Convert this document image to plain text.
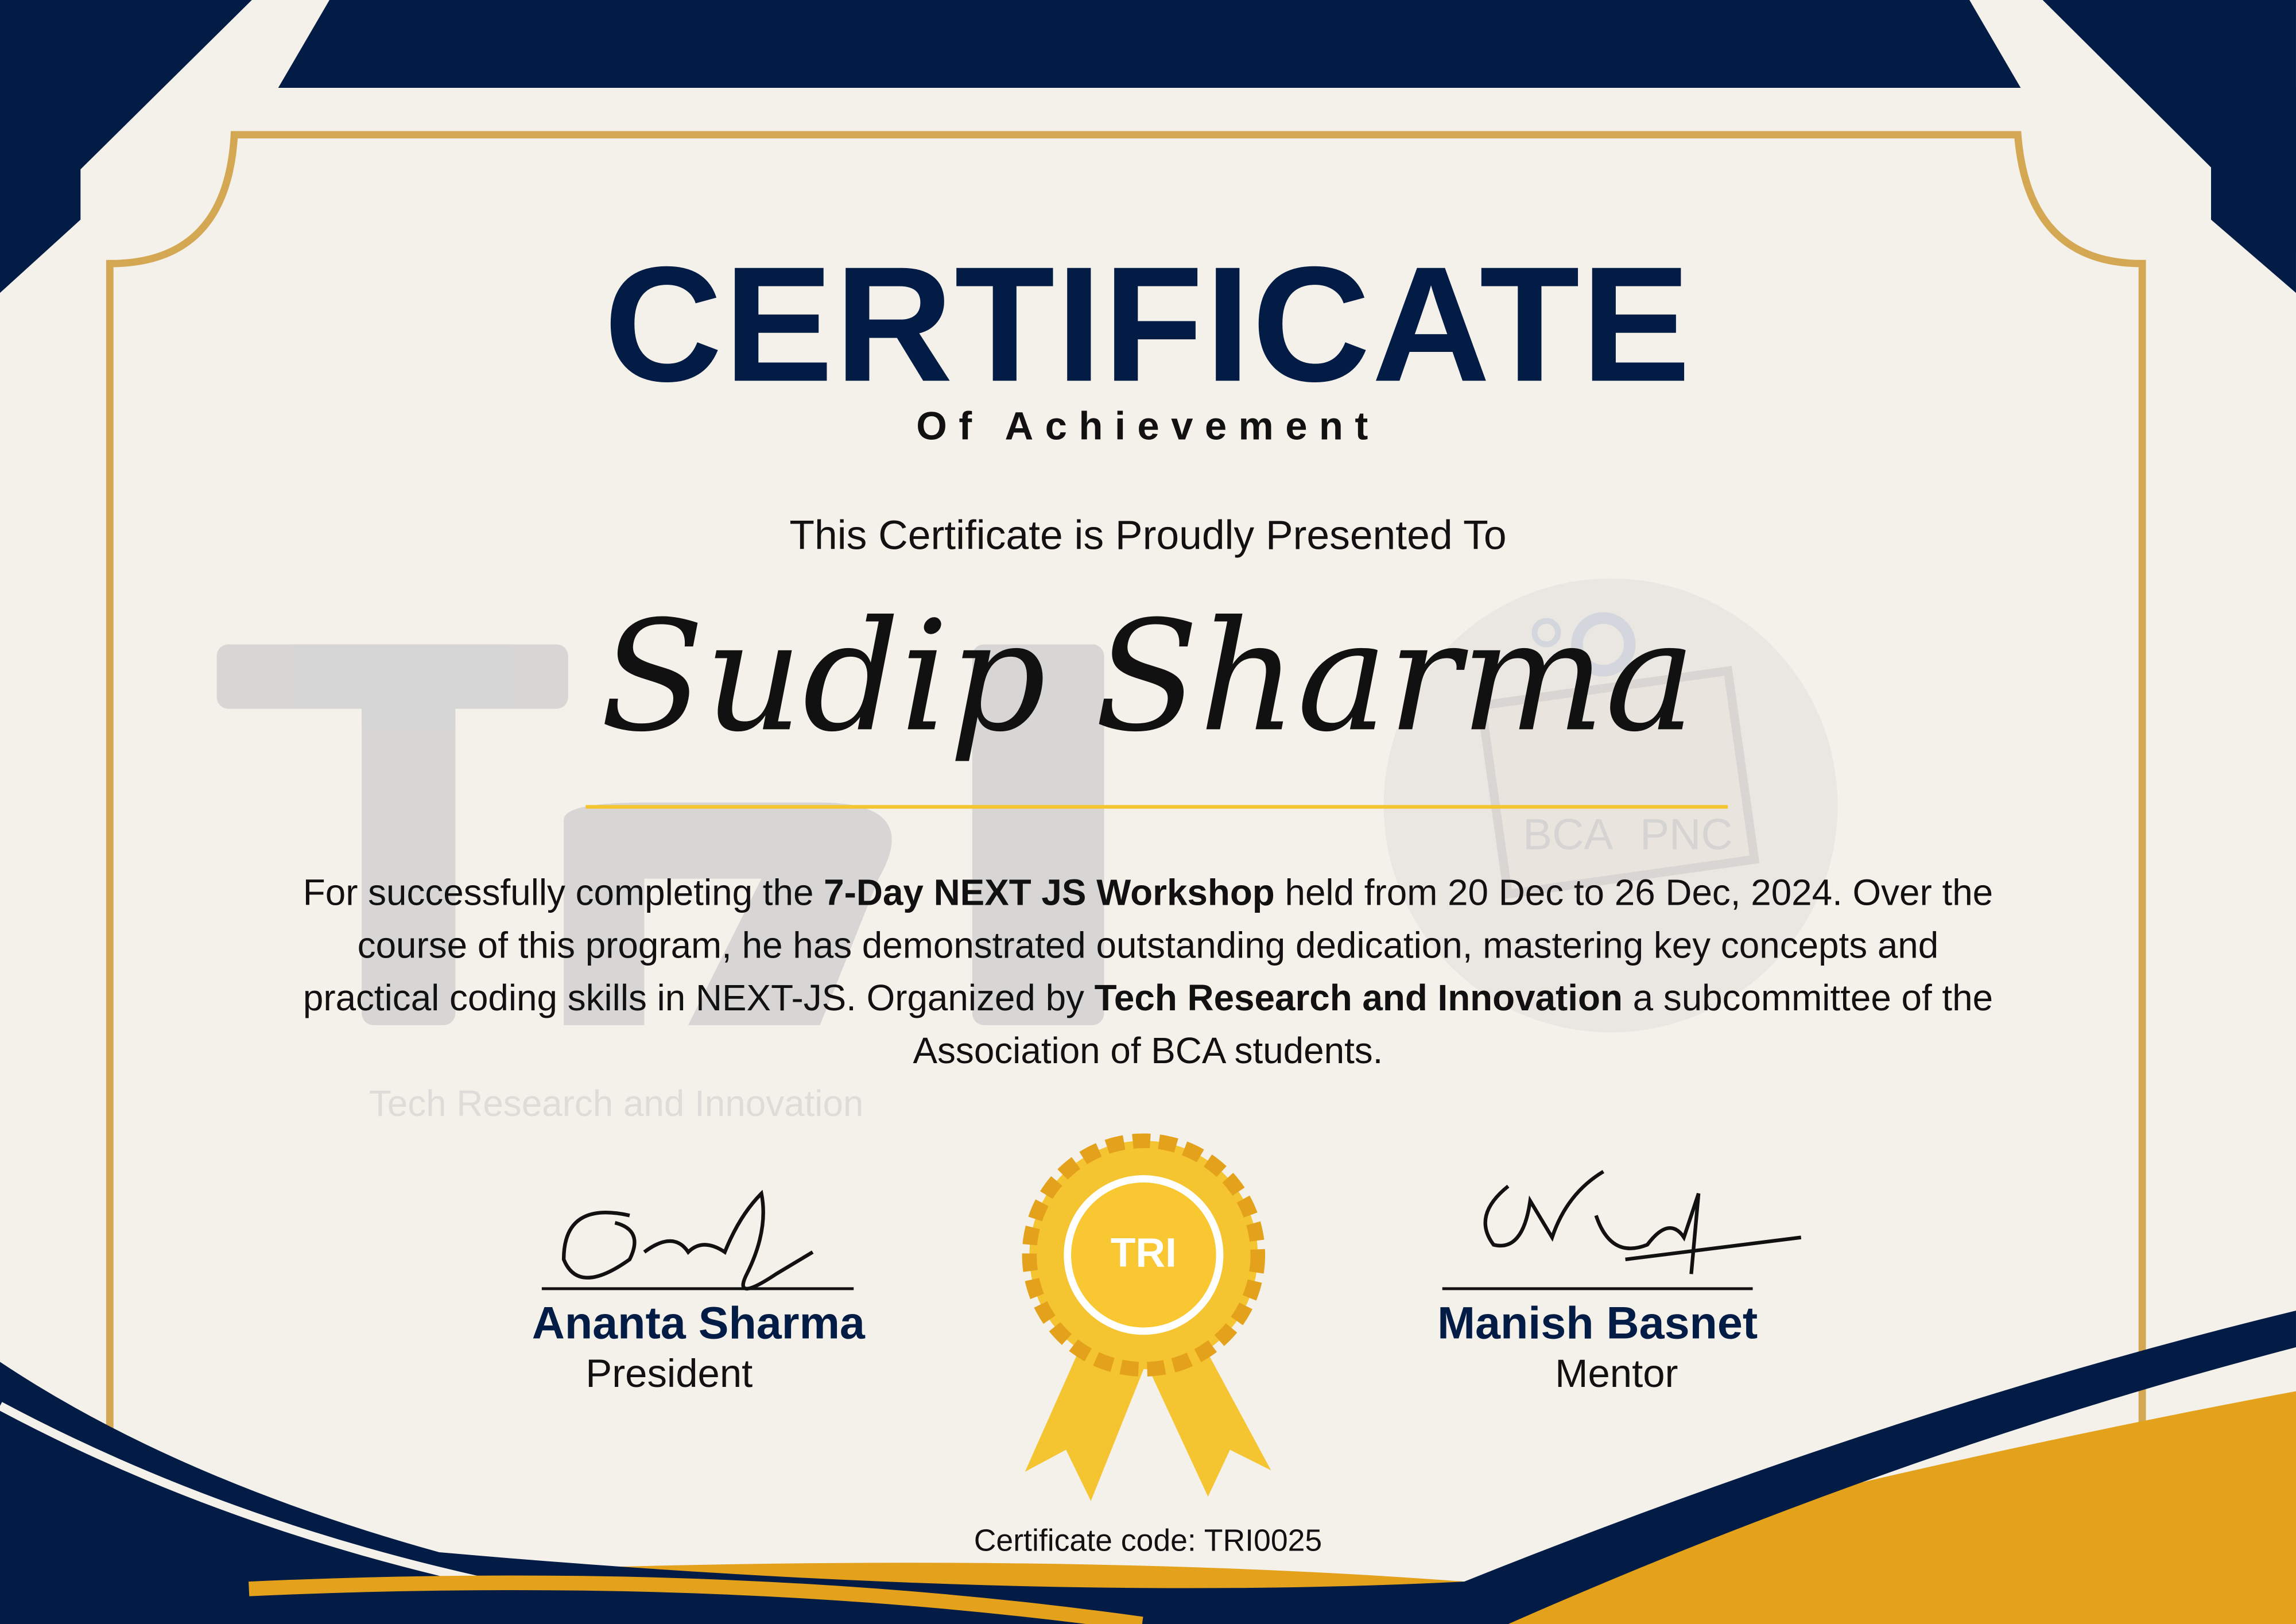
BCA PNC
Tech Research and Innovation
CERTIFICATE
Of Achievement
This Certificate is Proudly Presented To
Sudip Sharma
For successfully completing the 7-Day NEXT JS Workshop held from 20 Dec to 26 Dec, 2024. Over the course of this program, he has demonstrated outstanding dedication, mastering key concepts and practical coding skills in NEXT-JS. Organized by Tech Research and Innovation a subcommittee of the Association of BCA students.
Ananta Sharma
President
Manish Basnet
Mentor
TRI
Certificate code: TRI0025
